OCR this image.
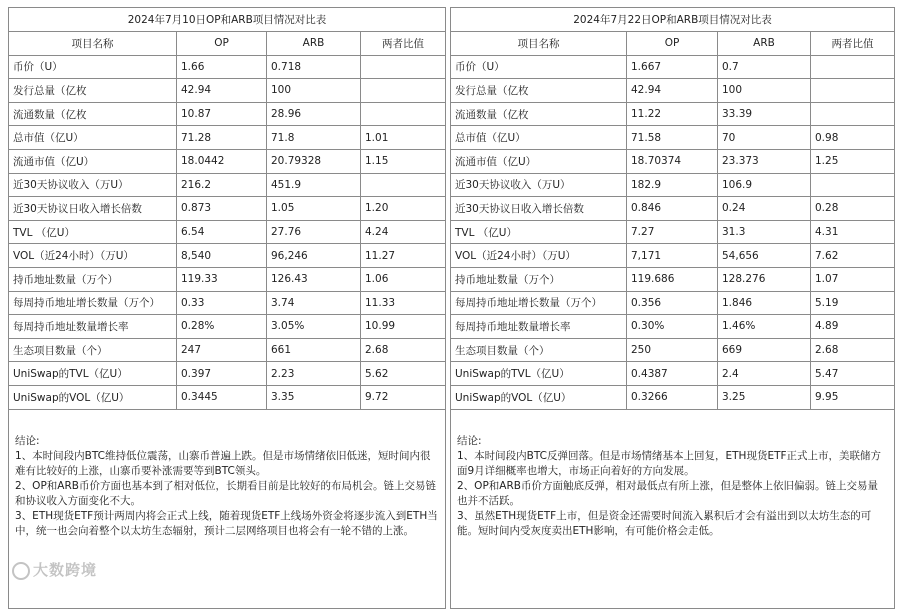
2024年7月10日OP和ARB项目情况对比表			
项目名称	OP	ARB	两者比值
币价（U）	1.66	0.718	
发行总量（亿枚	42.94	100	
流通数量（亿枚	10.87	28.96	
总市值（亿U）	71.28	71.8	1.01
流通市值（亿U）	18.0442	20.79328	1.15
近30天协议收入（万U）	216.2	451.9	
近30天协议日收入增长倍数	0.873	1.05	1.20
TVL （亿U）	6.54	27.76	4.24
VOL（近24小时）（万U）	8,540	96,246	11.27
持币地址数量（万个）	119.33	126.43	1.06
每周持币地址增长数量（万个）	0.33	3.74	11.33
每周持币地址数量增长率	0.28%	3.05%	10.99
生态项目数量（个）	247	661	2.68
UniSwap的TVL（亿U）	0.397	2.23	5.62
UniSwap的VOL（亿U）	0.3445	3.35	9.72

结论:
1、本时间段内BTC维持低位震荡，山寨币普遍上跌。但是市场情绪依旧低迷，短时间内很难有比较好的上涨，山寨币要补涨需要等到BTC领头。
2、OP和ARB币价方面也基本到了相对低位，长期看目前是比较好的布局机会。链上交易链和协议收入方面变化不大。
3、ETH现货ETF预计两周内将会正式上线，随着现货ETF上线场外资金将逐步流入到ETH当中，统一也会向着整个以太坊生态辐射，预计二层网络项目也将会有一轮不错的上涨。			
2024年7月22日OP和ARB项目情况对比表			
项目名称	OP	ARB	两者比值
币价（U）	1.667	0.7	
发行总量（亿枚	42.94	100	
流通数量（亿枚	11.22	33.39	
总市值（亿U）	71.58	70	0.98
流通市值（亿U）	18.70374	23.373	1.25
近30天协议收入（万U）	182.9	106.9	
近30天协议日收入增长倍数	0.846	0.24	0.28
TVL （亿U）	7.27	31.3	4.31
VOL（近24小时）（万U）	7,171	54,656	7.62
持币地址数量（万个）	119.686	128.276	1.07
每周持币地址增长数量（万个）	0.356	1.846	5.19
每周持币地址数量增长率	0.30%	1.46%	4.89
生态项目数量（个）	250	669	2.68
UniSwap的TVL（亿U）	0.4387	2.4	5.47
UniSwap的VOL（亿U）	0.3266	3.25	9.95

结论:
1、本时间段内BTC反弹回落。但是市场情绪基本上回复，ETH现货ETF正式上市，美联储方面9月详细概率也增大，市场正向着好的方向发展。
2、OP和ARB币价方面触底反弹，相对最低点有所上涨，但是整体上依旧偏弱。链上交易量也并不活跃。
3、虽然ETH现货ETF上市，但是资金还需要时间流入累积后才会有溢出到以太坊生态的可能。短时间内受灰度卖出ETH影响，有可能价格会走低。			
大数跨境
